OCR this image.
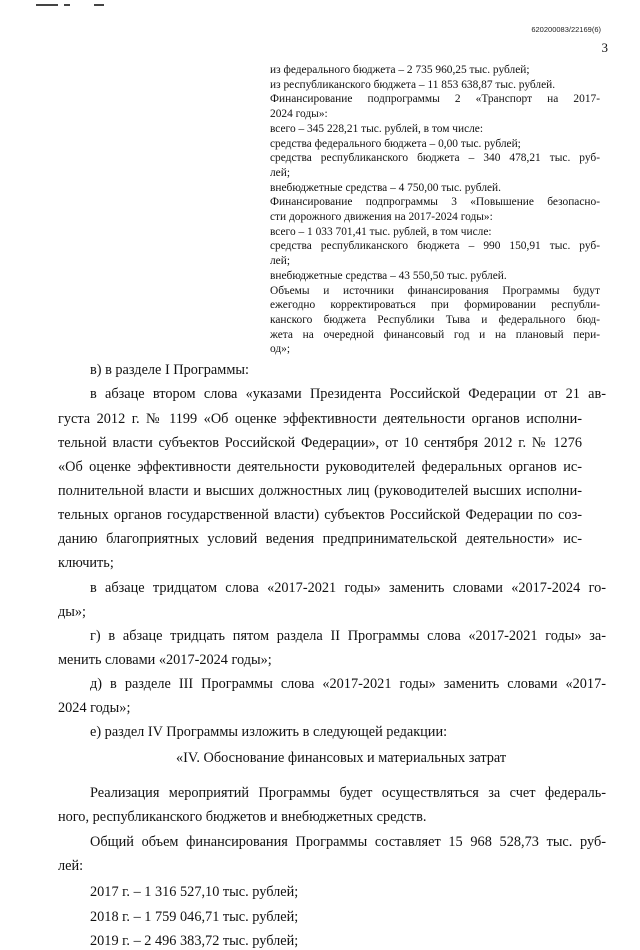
620200083/22169(6)
3
из федерального бюджета – 2 735 960,25 тыс. рублей;
из республиканского бюджета – 11 853 638,87 тыс. рублей.
Финансирование подпрограммы 2 «Транспорт на 2017-
2024 годы»:
всего – 345 228,21 тыс. рублей, в том числе:
средства федерального бюджета – 0,00 тыс. рублей;
средства республиканского бюджета – 340 478,21 тыс. руб-
лей;
внебюджетные средства – 4 750,00 тыс. рублей.
Финансирование подпрограммы 3 «Повышение безопасно-
сти дорожного движения на 2017-2024 годы»:
всего – 1 033 701,41 тыс. рублей, в том числе:
средства республиканского бюджета – 990 150,91 тыс. руб-
лей;
внебюджетные средства – 43 550,50 тыс. рублей.
Объемы и источники финансирования Программы будут
ежегодно корректироваться при формировании республи-
канского бюджета Республики Тыва и федерального бюд-
жета на очередной финансовый год и на плановый пери-
од»;
в) в разделе I Программы:
в абзаце втором слова «указами Президента Российской Федерации от 21 ав-
густа 2012 г. № 1199 «Об оценке эффективности деятельности органов исполни-
тельной власти субъектов Российской Федерации», от 10 сентября 2012 г. № 1276
«Об оценке эффективности деятельности руководителей федеральных органов ис-
полнительной власти и высших должностных лиц (руководителей высших исполни-
тельных органов государственной власти) субъектов Российской Федерации по соз-
данию благоприятных условий ведения предпринимательской деятельности» ис-
ключить;
в абзаце тридцатом слова «2017-2021 годы» заменить словами «2017-2024 го-
ды»;
г) в абзаце тридцать пятом раздела II Программы слова «2017-2021 годы» за-
менить словами «2017-2024 годы»;
д) в разделе III Программы слова «2017-2021 годы» заменить словами «2017-
2024 годы»;
е) раздел IV Программы изложить в следующей редакции:
«IV. Обоснование финансовых и материальных затрат
Реализация мероприятий Программы будет осуществляться за счет федераль-
ного, республиканского бюджетов и внебюджетных средств.
Общий объем финансирования Программы составляет 15 968 528,73 тыс. руб-
лей:
2017 г. – 1 316 527,10 тыс. рублей;
2018 г. – 1 759 046,71 тыс. рублей;
2019 г. – 2 496 383,72 тыс. рублей;
